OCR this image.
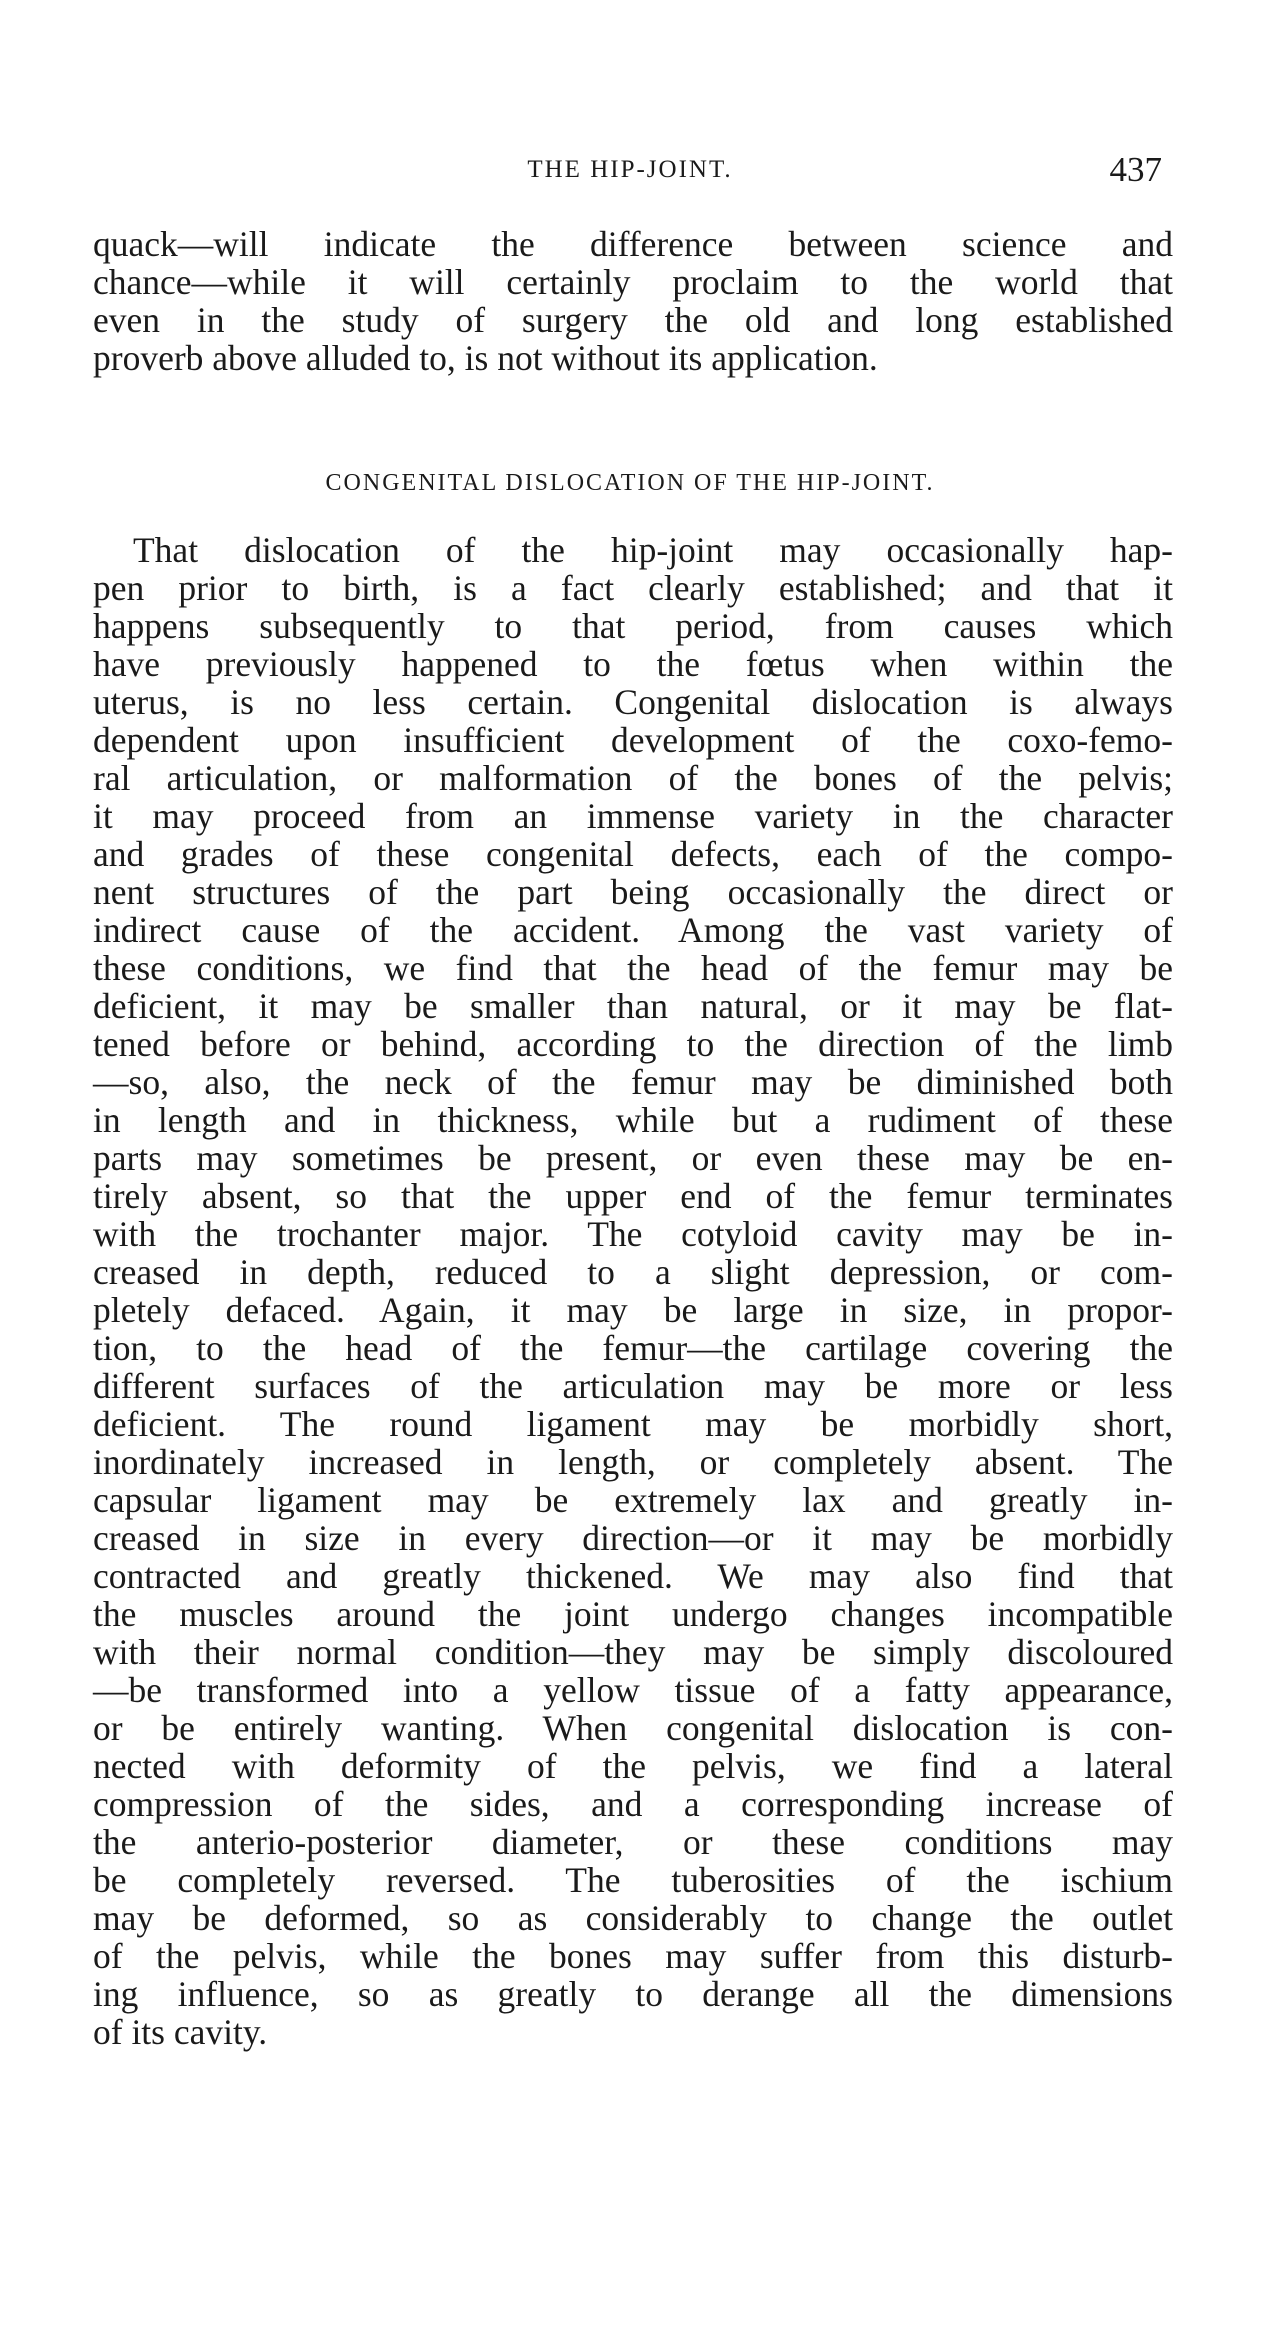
THE HIP-JOINT.	437
quack—will indicate the difference between science and
chance—while it will certainly proclaim to the world that
even in the study of surgery the old and long established
proverb above alluded to, is not without its application.
CONGENITAL DISLOCATION OF THE HIP-JOINT.
That dislocation of the hip-joint may occasionally hap-
pen prior to birth, is a fact clearly established; and that it
happens subsequently to that period, from causes which
have previously happened to the fœtus when within the
uterus, is no less certain. Congenital dislocation is always
dependent upon insufficient development of the coxo-femo-
ral articulation, or malformation of the bones of the pelvis;
it may proceed from an immense variety in the character
and grades of these congenital defects, each of the compo-
nent structures of the part being occasionally the direct or
indirect cause of the accident. Among the vast variety of
these conditions, we find that the head of the femur may be
deficient, it may be smaller than natural, or it may be flat-
tened before or behind, according to the direction of the limb
—so, also, the neck of the femur may be diminished both
in length and in thickness, while but a rudiment of these
parts may sometimes be present, or even these may be en-
tirely absent, so that the upper end of the femur terminates
with the trochanter major. The cotyloid cavity may be in-
creased in depth, reduced to a slight depression, or com-
pletely defaced. Again, it may be large in size, in propor-
tion, to the head of the femur—the cartilage covering the
different surfaces of the articulation may be more or less
deficient. The round ligament may be morbidly short,
inordinately increased in length, or completely absent. The
capsular ligament may be extremely lax and greatly in-
creased in size in every direction—or it may be morbidly
contracted and greatly thickened. We may also find that
the muscles around the joint undergo changes incompatible
with their normal condition—they may be simply discoloured
—be transformed into a yellow tissue of a fatty appearance,
or be entirely wanting. When congenital dislocation is con-
nected with deformity of the pelvis, we find a lateral
compression of the sides, and a corresponding increase of
the anterio-posterior diameter, or these conditions may
be completely reversed. The tuberosities of the ischium
may be deformed, so as considerably to change the outlet
of the pelvis, while the bones may suffer from this disturb-
ing influence, so as greatly to derange all the dimensions
of its cavity.
